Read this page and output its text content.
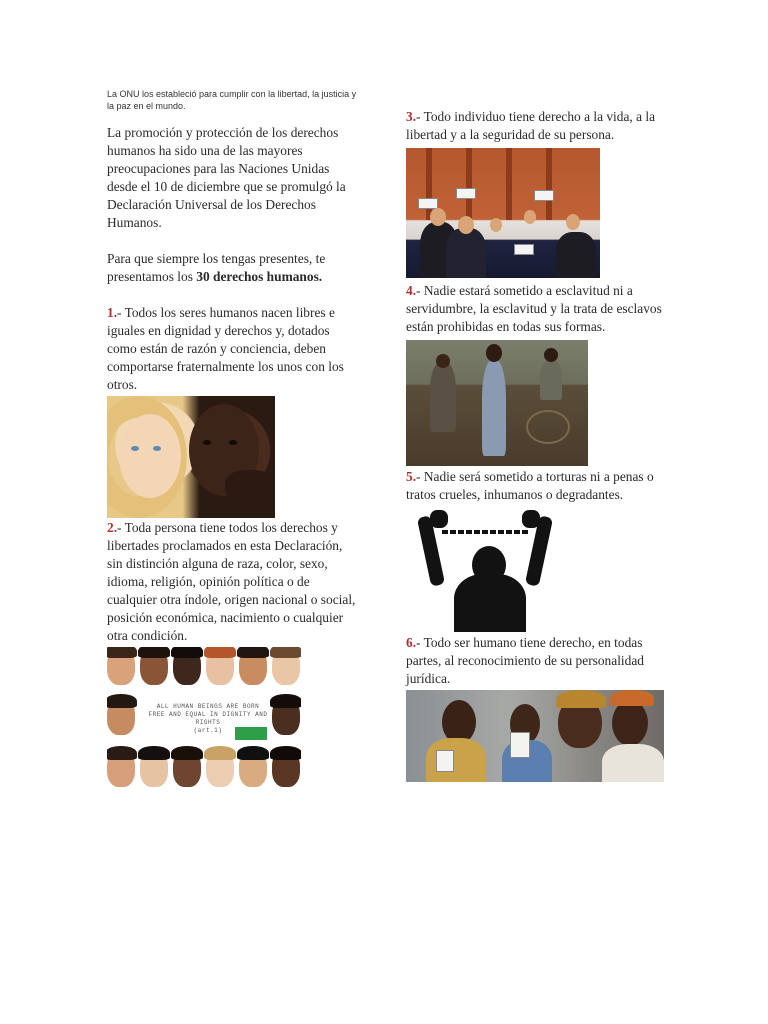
La ONU los estableció para cumplir con la libertad, la justicia y la paz en el mundo.

La promoción y protección de los derechos humanos ha sido una de las mayores preocupaciones para las Naciones Unidas desde el 10 de diciembre que se promulgó la Declaración Universal de los Derechos Humanos.

Para que siempre los tengas presentes, te presentamos los 30 derechos humanos.

1.- Todos los seres humanos nacen libres e iguales en dignidad y derechos y, dotados como están de razón y conciencia, deben comportarse fraternalmente los unos con los otros.

2.- Toda persona tiene todos los derechos y libertades proclamados en esta Declaración, sin distinción alguna de raza, color, sexo, idioma, religión, opinión política o de cualquier otra índole, origen nacional o social, posición económica, nacimiento o cualquier otra condición.

ALL HUMAN BEINGS ARE BORN
FREE AND EQUAL IN DIGNITY AND RIGHTS
(art.1)

3.- Todo individuo tiene derecho a la vida, a la libertad y a la seguridad de su persona.

4.- Nadie estará sometido a esclavitud ni a servidumbre, la esclavitud y la trata de esclavos están prohibidas en todas sus formas.

5.- Nadie será sometido a torturas ni a penas o tratos crueles, inhumanos o degradantes.

6.- Todo ser humano tiene derecho, en todas partes, al reconocimiento de su personalidad jurídica.
